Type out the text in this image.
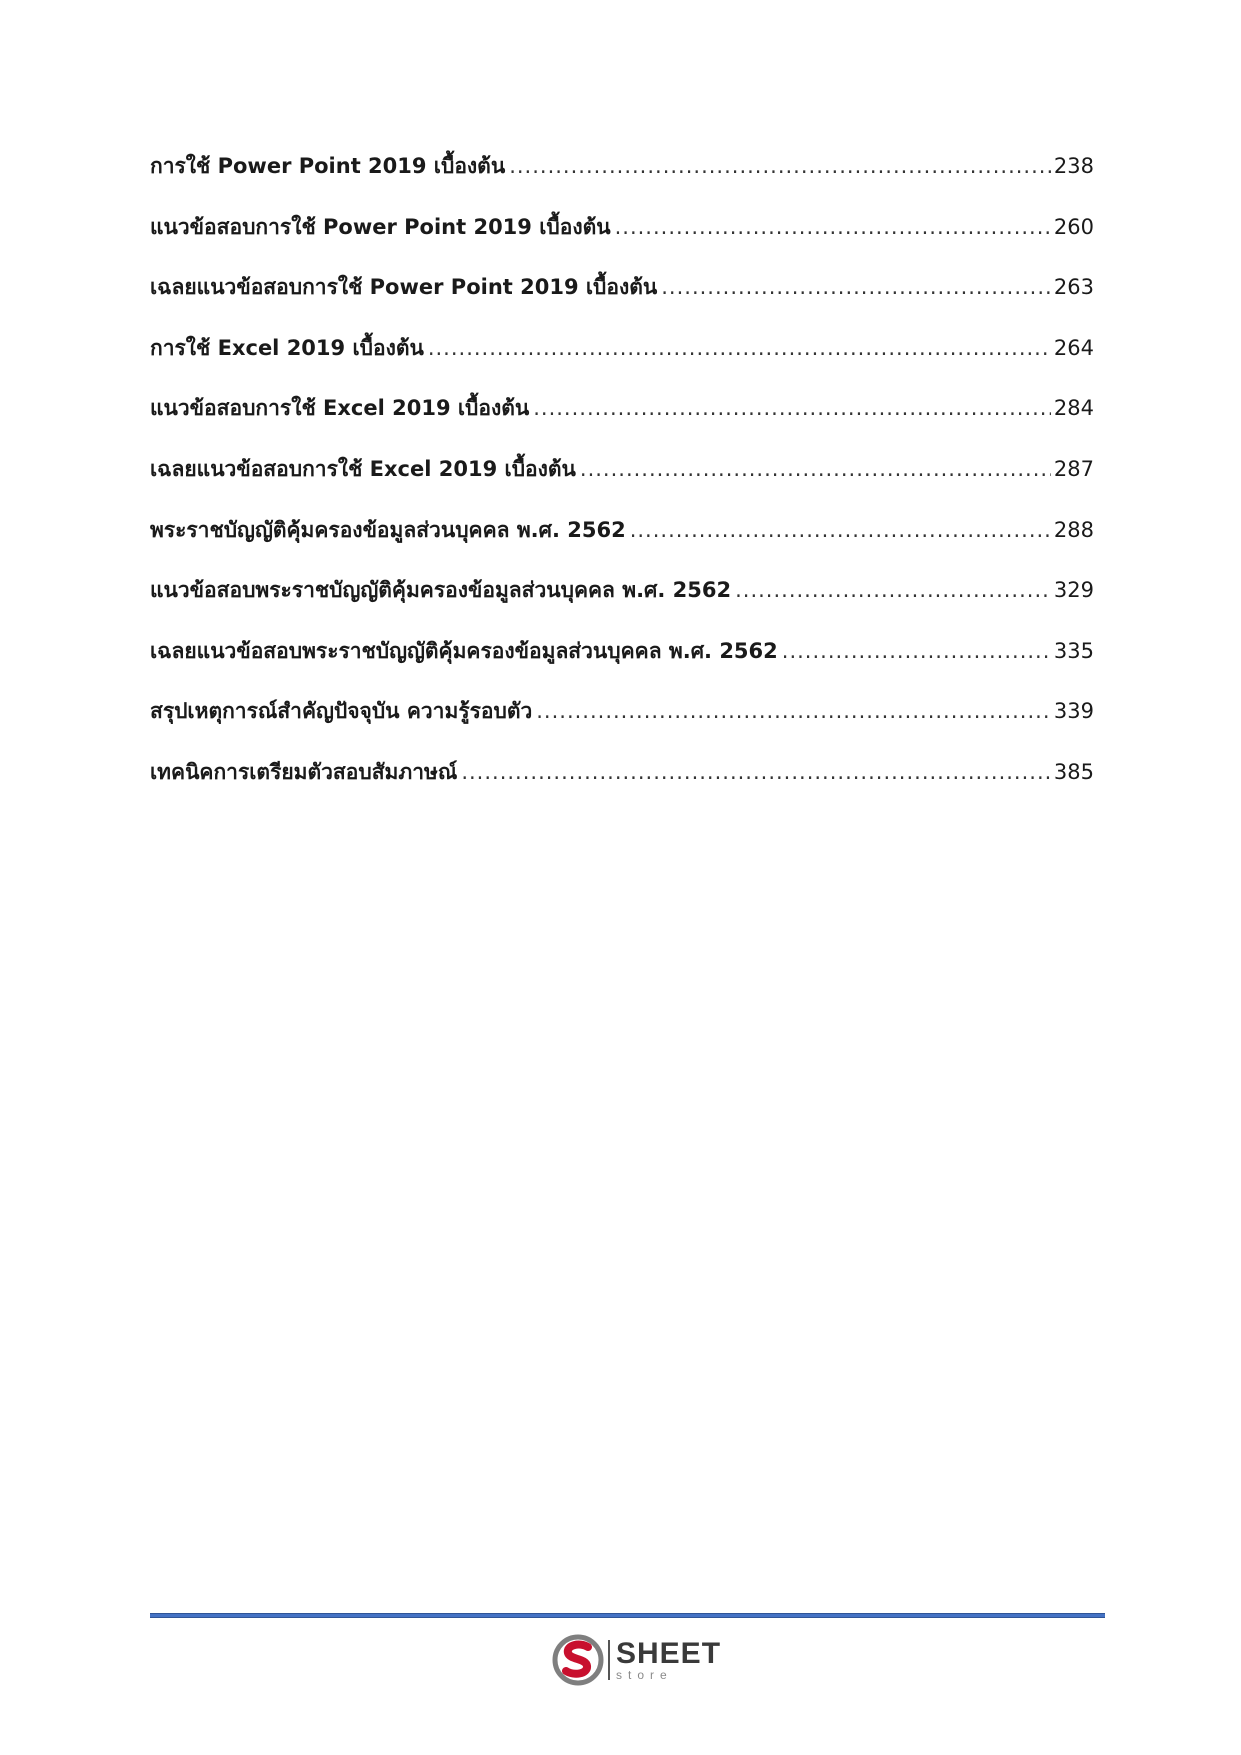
การใช้ Power Point 2019 เบื้องต้น .....	238
แนวข้อสอบการใช้ Power Point 2019 เบื้องต้น .....	260
เฉลยแนวข้อสอบการใช้ Power Point 2019 เบื้องต้น .....	263
การใช้ Excel 2019 เบื้องต้น .....	264
แนวข้อสอบการใช้ Excel 2019 เบื้องต้น .....	284
เฉลยแนวข้อสอบการใช้ Excel 2019 เบื้องต้น .....	287
พระราชบัญญัติคุ้มครองข้อมูลส่วนบุคคล พ.ศ. 2562 .....	288
แนวข้อสอบพระราชบัญญัติคุ้มครองข้อมูลส่วนบุคคล พ.ศ. 2562 .....	329
เฉลยแนวข้อสอบพระราชบัญญัติคุ้มครองข้อมูลส่วนบุคคล พ.ศ. 2562 .....	335
สรุปเหตุการณ์สำคัญปัจจุบัน ความรู้รอบตัว .....	339
เทคนิคการเตรียมตัวสอบสัมภาษณ์ .....	385
SHEET
store
